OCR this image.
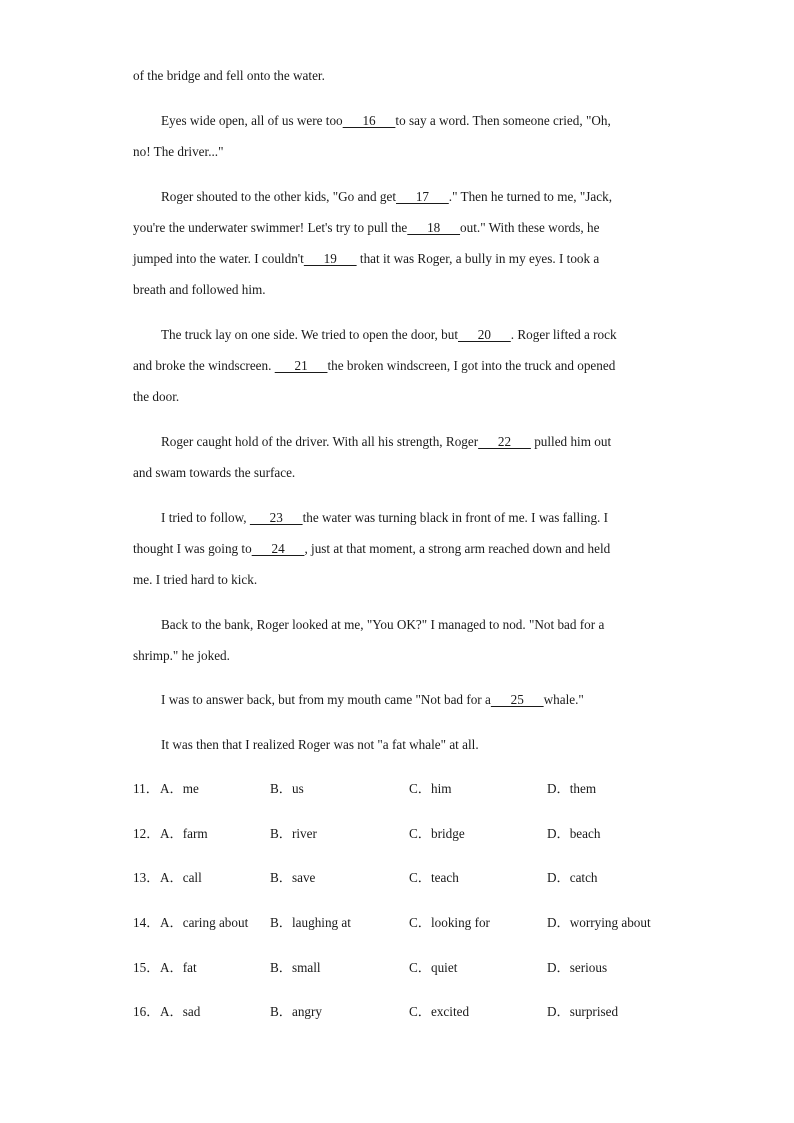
of the bridge and fell onto the water.
Eyes wide open, all of us were too      16      to say a word. Then someone cried, "Oh,
no! The driver..."
Roger shouted to the other kids, "Go and get      17      ." Then he turned to me, "Jack,
you're the underwater swimmer! Let's try to pull the      18      out." With these words, he
jumped into the water. I couldn't      19       that it was Roger, a bully in my eyes. I took a
breath and followed him.
The truck lay on one side. We tried to open the door, but      20      . Roger lifted a rock
and broke the windscreen.       21      the broken windscreen, I got into the truck and opened
the door.
Roger caught hold of the driver. With all his strength, Roger      22       pulled him out
and swam towards the surface.
I tried to follow,       23      the water was turning black in front of me. I was falling. I
thought I was going to      24      , just at that moment, a strong arm reached down and held
me. I tried hard to kick.
Back to the bank, Roger looked at me, "You OK?" I managed to nod. "Not bad for a
shrimp." he joked.
I was to answer back, but from my mouth came "Not bad for a      25      whale."
It was then that I realized Roger was not "a fat whale" at all.
11． A．me	B．us	C．him	D．them
12． A．farm	B．river	C．bridge	D．beach
13． A．call	B．save	C．teach	D．catch
14． A．caring about B．laughing at	C．looking for	D．worrying about
15． A．fat	B．small	C．quiet	D．serious
16． A．sad	B．angry	C．excited	D．surprised
